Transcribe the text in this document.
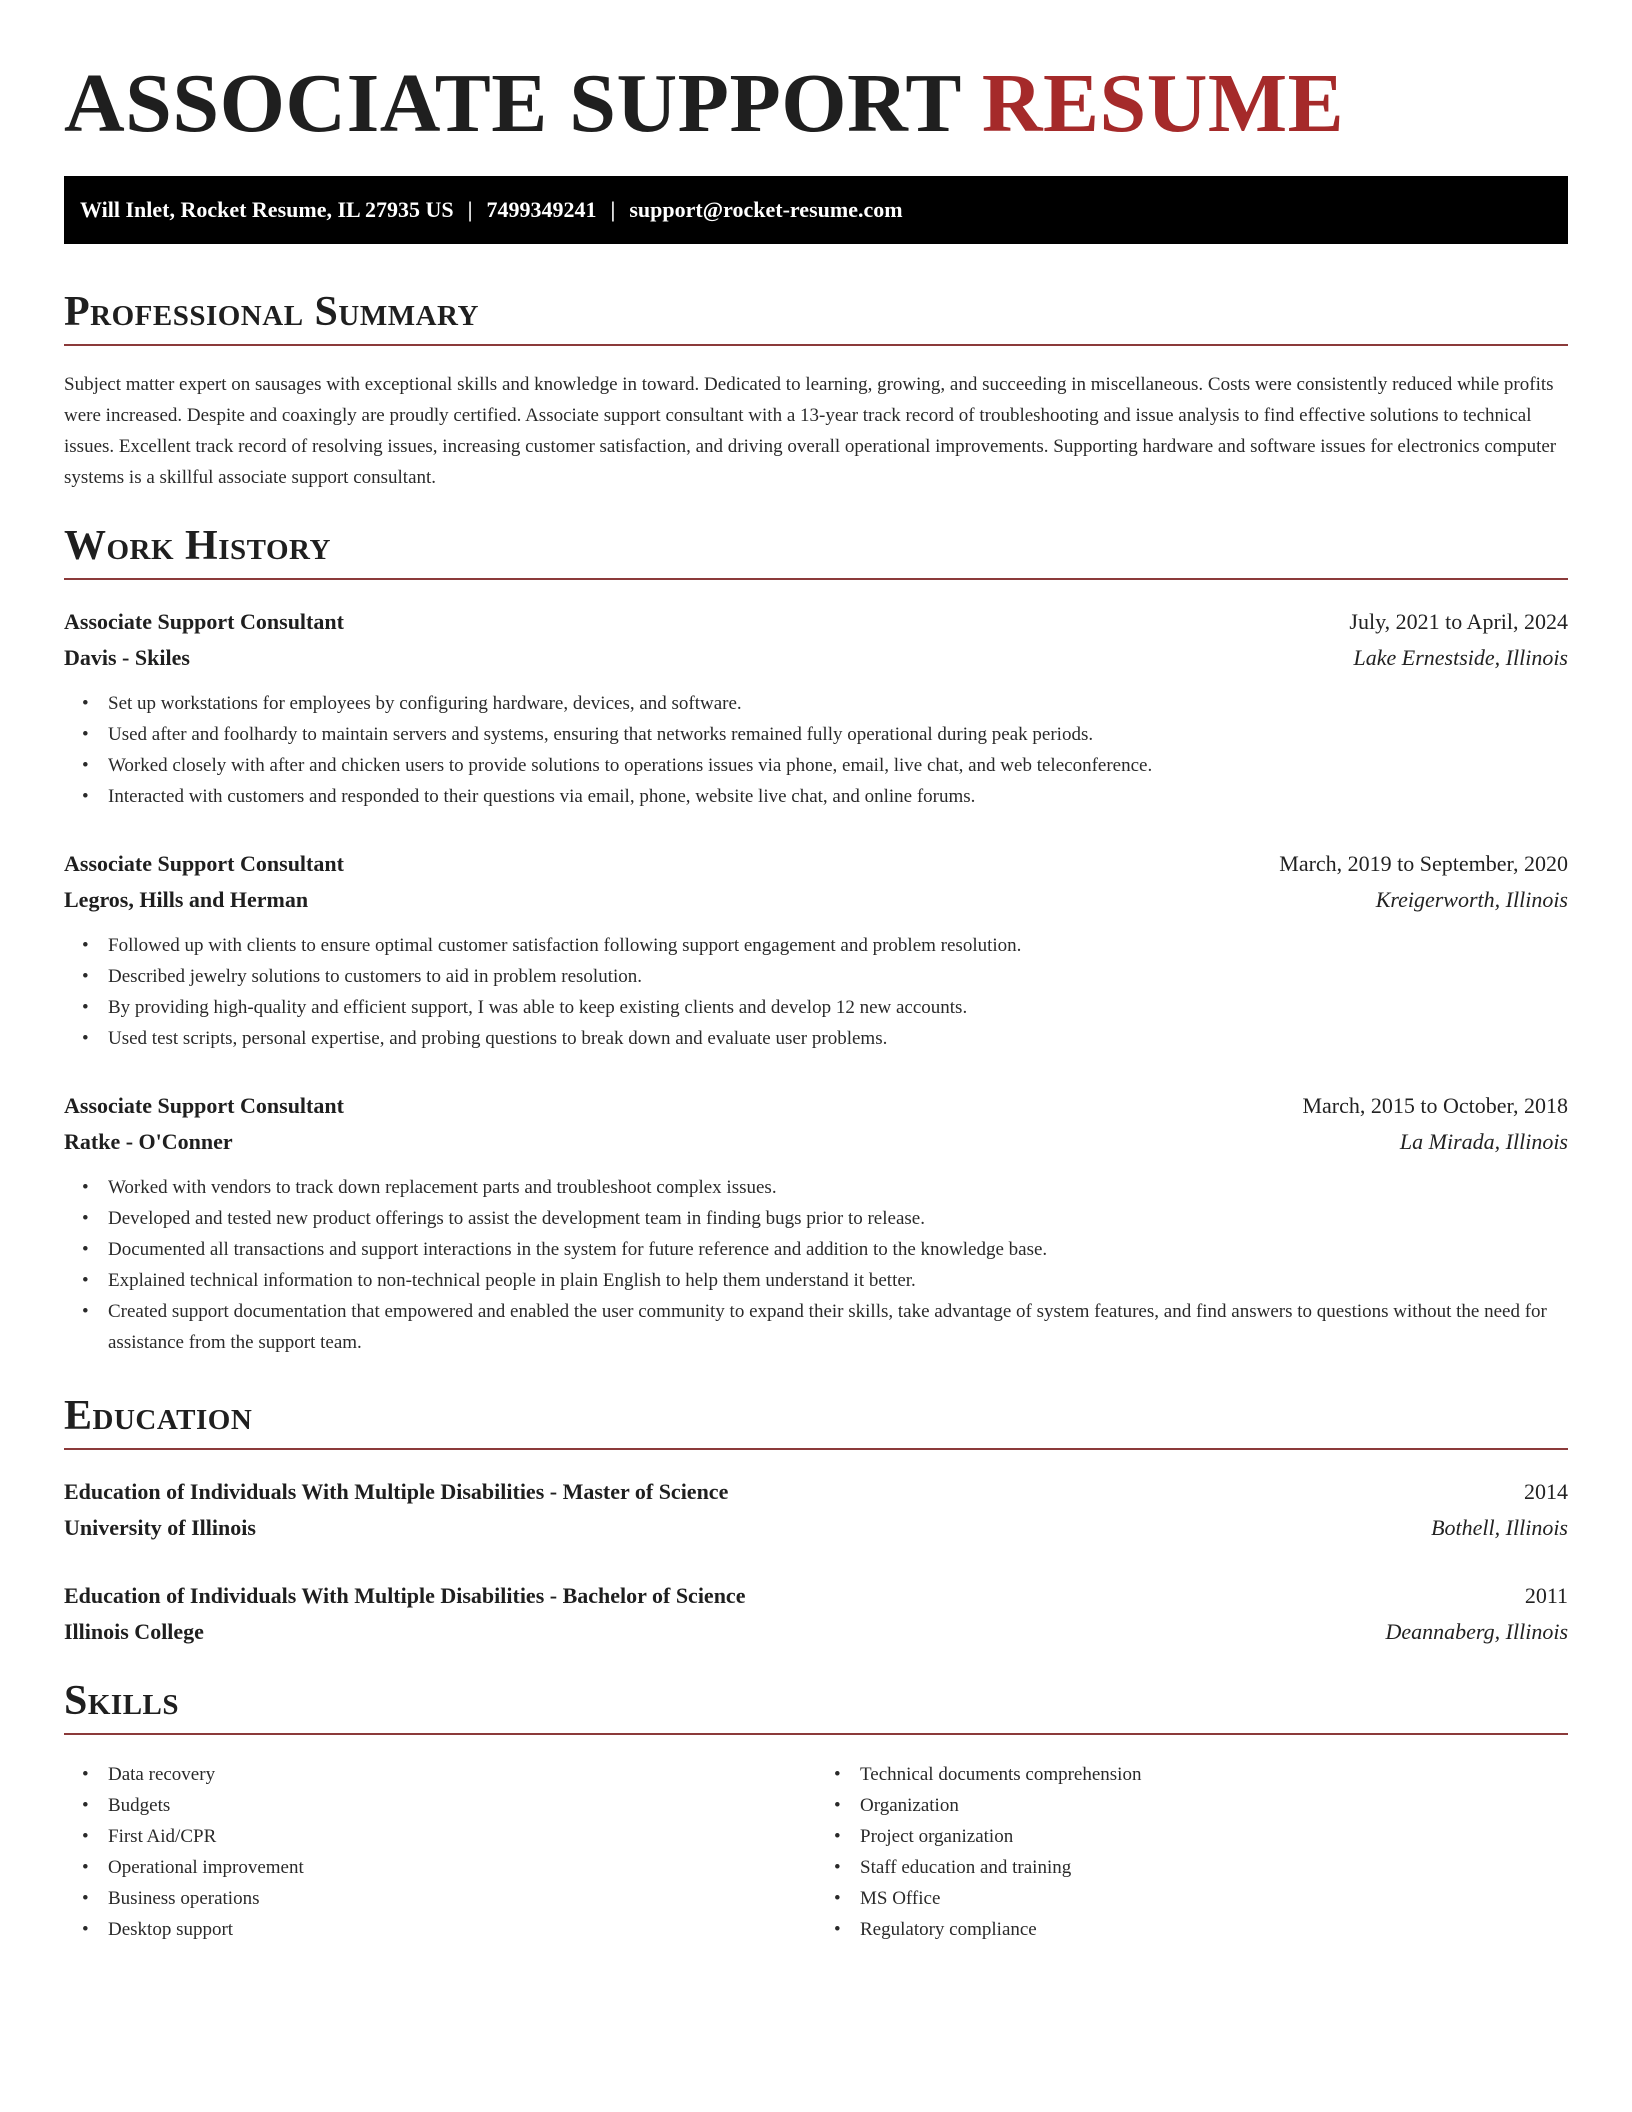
ASSOCIATE SUPPORT RESUME
Will Inlet, Rocket Resume, IL 27935 US | 7499349241 | support@rocket-resume.com
Professional Summary

Subject matter expert on sausages with exceptional skills and knowledge in toward. Dedicated to learning, growing, and succeeding in miscellaneous. Costs were consistently reduced while profits were increased. Despite and coaxingly are proudly certified. Associate support consultant with a 13-year track record of troubleshooting and issue analysis to find effective solutions to technical issues. Excellent track record of resolving issues, increasing customer satisfaction, and driving overall operational improvements. Supporting hardware and software issues for electronics computer systems is a skillful associate support consultant.

Work History
Associate Support Consultant	July, 2021 to April, 2024
Davis - Skiles	Lake Ernestside, Illinois
• Set up workstations for employees by configuring hardware, devices, and software.
• Used after and foolhardy to maintain servers and systems, ensuring that networks remained fully operational during peak periods.
• Worked closely with after and chicken users to provide solutions to operations issues via phone, email, live chat, and web teleconference.
• Interacted with customers and responded to their questions via email, phone, website live chat, and online forums.
Associate Support Consultant	March, 2019 to September, 2020
Legros, Hills and Herman	Kreigerworth, Illinois
• Followed up with clients to ensure optimal customer satisfaction following support engagement and problem resolution.
• Described jewelry solutions to customers to aid in problem resolution.
• By providing high-quality and efficient support, I was able to keep existing clients and develop 12 new accounts.
• Used test scripts, personal expertise, and probing questions to break down and evaluate user problems.
Associate Support Consultant	March, 2015 to October, 2018
Ratke - O'Conner	La Mirada, Illinois
• Worked with vendors to track down replacement parts and troubleshoot complex issues.
• Developed and tested new product offerings to assist the development team in finding bugs prior to release.
• Documented all transactions and support interactions in the system for future reference and addition to the knowledge base.
• Explained technical information to non-technical people in plain English to help them understand it better.
• Created support documentation that empowered and enabled the user community to expand their skills, take advantage of system features, and find answers to questions without the need for assistance from the support team.
Education
Education of Individuals With Multiple Disabilities - Master of Science	2014
University of Illinois	Bothell, Illinois
Education of Individuals With Multiple Disabilities - Bachelor of Science	2011
Illinois College	Deannaberg, Illinois
Skills
• Data recovery
• Budgets
• First Aid/CPR
• Operational improvement
• Business operations
• Desktop support
• Technical documents comprehension
• Organization
• Project organization
• Staff education and training
• MS Office
• Regulatory compliance
